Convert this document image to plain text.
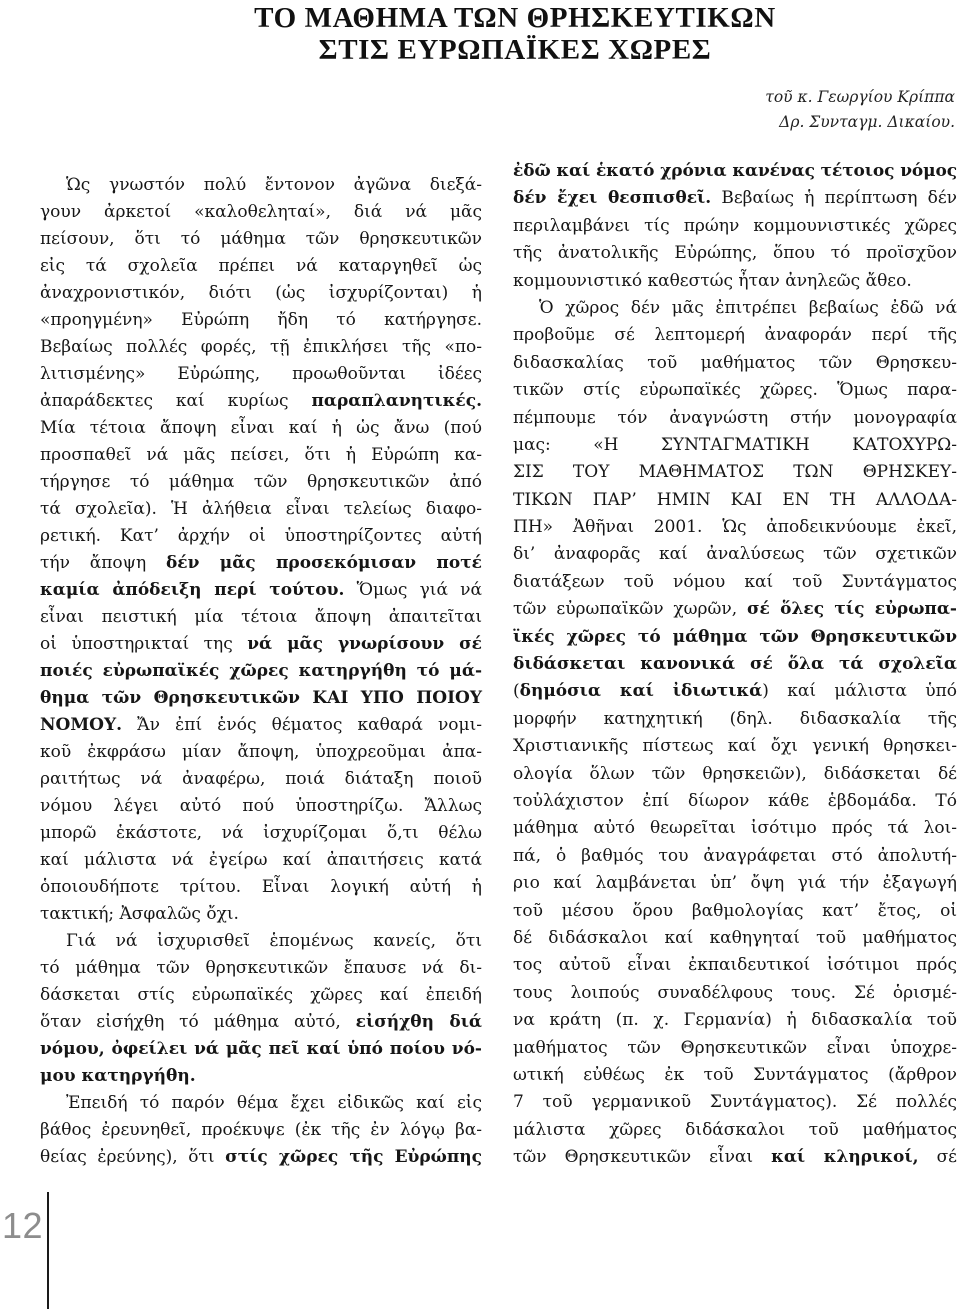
ΤΟ ΜΑΘΗΜΑ ΤΩΝ ΘΡΗΣΚΕΥΤΙΚΩΝ
ΣΤΙΣ ΕΥΡΩΠΑΪΚΕΣ ΧΩΡΕΣ
τοῦ κ. Γεωργίου Κρίππα
Δρ. Συνταγμ. Δικαίου.
Ὡς γνωστόν πολύ ἔντονον ἀγῶνα διεξά-
γουν ἀρκετοί «καλοθεληταί», διά νά μᾶς
πείσουν, ὅτι τό μάθημα τῶν θρησκευτικῶν
εἰς τά σχολεῖα πρέπει νά καταργηθεῖ ὡς
ἀναχρονιστικόν, διότι (ὡς ἰσχυρίζονται) ἡ
«προηγμένη» Εὐρώπη ἤδη τό κατήργησε.
Βεβαίως πολλές φορές, τῇ ἐπικλήσει τῆς «πο-
λιτισμένης» Εὐρώπης, προωθοῦνται ἰδέες
ἀπαράδεκτες καί κυρίως παραπλανητικές.
Μία τέτοια ἄποψη εἶναι καί ἡ ὡς ἄνω (πού
προσπαθεῖ νά μᾶς πείσει, ὅτι ἡ Εὐρώπη κα-
τήργησε τό μάθημα τῶν θρησκευτικῶν ἀπό
τά σχολεῖα). Ἡ ἀλήθεια εἶναι τελείως διαφο-
ρετική. Κατ’ ἀρχήν οἱ ὑποστηρίζοντες αὐτή
τήν ἄποψη δέν μᾶς προσεκόμισαν ποτέ
καμία ἀπόδειξη περί τούτου. Ὅμως γιά νά
εἶναι πειστική μία τέτοια ἄποψη ἀπαιτεῖται
οἱ ὑποστηρικταί της νά μᾶς γνωρίσουν σέ
ποιές εὐρωπαϊκές χῶρες κατηργήθη τό μά-
θημα τῶν Θρησκευτικῶν ΚΑΙ ΥΠΟ ΠΟΙΟΥ
ΝΟΜΟΥ. Ἄν ἐπί ἑνός θέματος καθαρά νομι-
κοῦ ἐκφράσω μίαν ἄποψη, ὑποχρεοῦμαι ἀπα-
ραιτήτως νά ἀναφέρω, ποιά διάταξη ποιοῦ
νόμου λέγει αὐτό πού ὑποστηρίζω. Ἄλλως
μπορῶ ἑκάστοτε, νά ἰσχυρίζομαι ὅ,τι θέλω
καί μάλιστα νά ἐγείρω καί ἀπαιτήσεις κατά
ὁποιουδήποτε τρίτου. Εἶναι λογική αὐτή ἡ
τακτική; Ἀσφαλῶς ὄχι.
Γιά νά ἰσχυρισθεῖ ἑπομένως κανείς, ὅτι
τό μάθημα τῶν θρησκευτικῶν ἔπαυσε νά δι-
δάσκεται στίς εὐρωπαϊκές χῶρες καί ἐπειδή
ὅταν εἰσήχθη τό μάθημα αὐτό, εἰσήχθη διά
νόμου, ὀφείλει νά μᾶς πεῖ καί ὑπό ποίου νό-
μου κατηργήθη.
Ἐπειδή τό παρόν θέμα ἔχει εἰδικῶς καί εἰς
βάθος ἐρευνηθεῖ, προέκυψε (ἐκ τῆς ἐν λόγῳ βα-
θείας ἐρεύνης), ὅτι στίς χῶρες τῆς Εὐρώπης
ἐδῶ καί ἑκατό χρόνια κανένας τέτοιος νόμος
δέν ἔχει θεσπισθεῖ. Βεβαίως ἡ περίπτωση δέν
περιλαμβάνει τίς πρώην κομμουνιστικές χῶρες
τῆς ἀνατολικῆς Εὐρώπης, ὅπου τό προϊσχῦον
κομμουνιστικό καθεστώς ἦταν ἀνηλεῶς ἄθεο.
Ὁ χῶρος δέν μᾶς ἐπιτρέπει βεβαίως ἐδῶ νά
προβοῦμε σέ λεπτομερή ἀναφοράν περί τῆς
διδασκαλίας τοῦ μαθήματος τῶν Θρησκευ-
τικῶν στίς εὐρωπαϊκές χῶρες. Ὅμως παρα-
πέμπουμε τόν ἀναγνώστη στήν μονογραφία
μας: «Η ΣΥΝΤΑΓΜΑΤΙΚΗ ΚΑΤΟΧΥΡΩ-
ΣΙΣ ΤΟΥ ΜΑΘΗΜΑΤΟΣ ΤΩΝ ΘΡΗΣΚΕΥ-
ΤΙΚΩΝ ΠΑΡ’ ΗΜΙΝ ΚΑΙ ΕΝ ΤΗ ΑΛΛΟΔΑ-
ΠΗ» Ἀθῆναι 2001. Ὡς ἀποδεικνύουμε ἐκεῖ,
δι’ ἀναφορᾶς καί ἀναλύσεως τῶν σχετικῶν
διατάξεων τοῦ νόμου καί τοῦ Συντάγματος
τῶν εὐρωπαϊκῶν χωρῶν, σέ ὅλες τίς εὐρωπα-
ϊκές χῶρες τό μάθημα τῶν Θρησκευτικῶν
διδάσκεται κανονικά σέ ὅλα τά σχολεῖα
(δημόσια καί ἰδιωτικά) καί μάλιστα ὑπό
μορφήν κατηχητική (δηλ. διδασκαλία τῆς
Χριστιανικῆς πίστεως καί ὄχι γενική θρησκει-
ολογία ὅλων τῶν θρησκειῶν), διδάσκεται δέ
τοὐλάχιστον ἐπί δίωρον κάθε ἑβδομάδα. Τό
μάθημα αὐτό θεωρεῖται ἰσότιμο πρός τά λοι-
πά, ὁ βαθμός του ἀναγράφεται στό ἀπολυτή-
ριο καί λαμβάνεται ὑπ’ ὄψη γιά τήν ἐξαγωγή
τοῦ μέσου ὅρου βαθμολογίας κατ’ ἔτος, οἱ
δέ διδάσκαλοι καί καθηγηταί τοῦ μαθήματος
τος αὐτοῦ εἶναι ἐκπαιδευτικοί ἰσότιμοι πρός
τους λοιπούς συναδέλφους τους. Σέ ὁρισμέ-
να κράτη (π. χ. Γερμανία) ἡ διδασκαλία τοῦ
μαθήματος τῶν Θρησκευτικῶν εἶναι ὑποχρε-
ωτική εὐθέως ἐκ τοῦ Συντάγματος (ἄρθρον
7 τοῦ γερμανικοῦ Συντάγματος). Σέ πολλές
μάλιστα χῶρες διδάσκαλοι τοῦ μαθήματος
τῶν Θρησκευτικῶν εἶναι καί κληρικοί, σέ
12
